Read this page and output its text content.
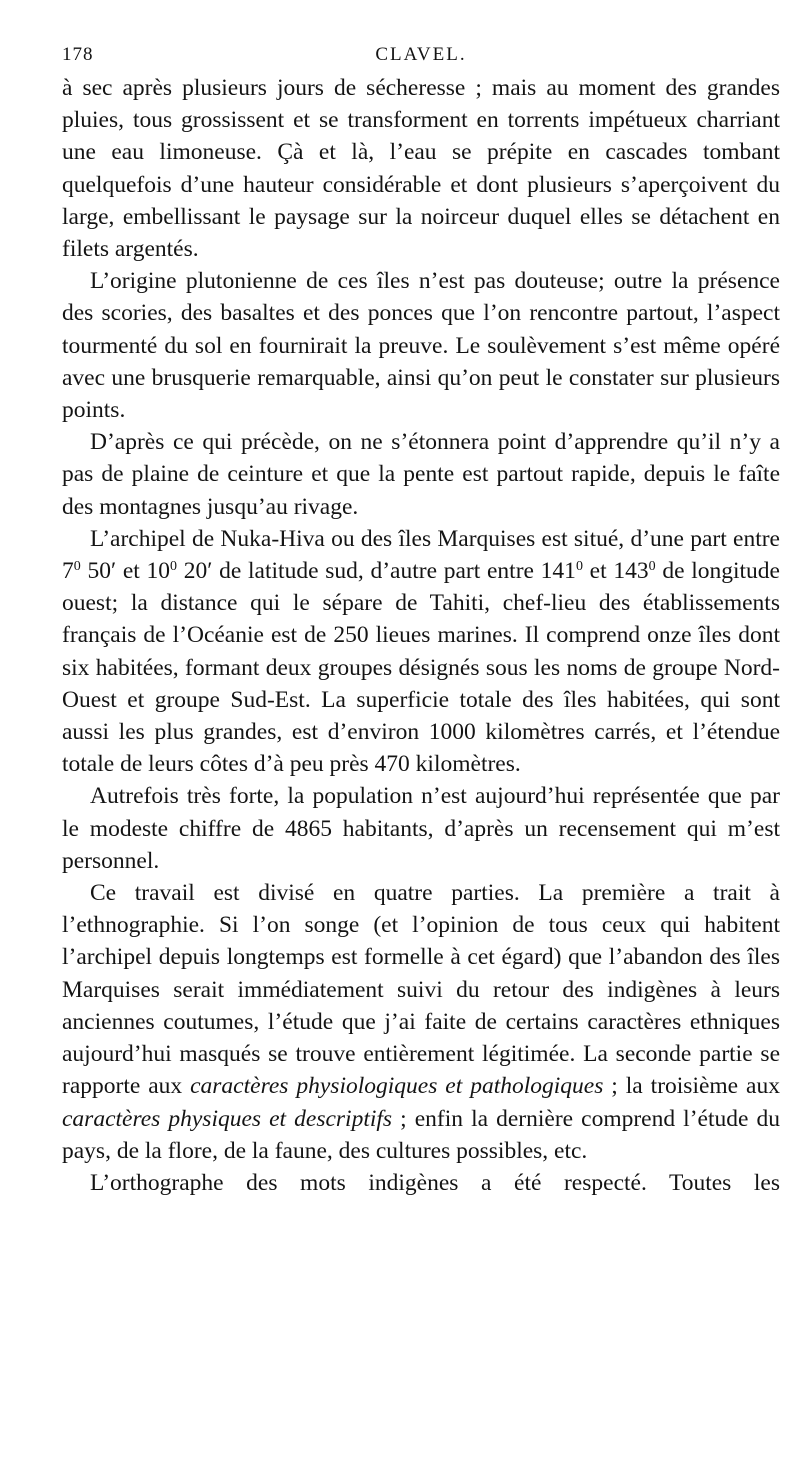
178	CLAVEL.

à sec après plusieurs jours de sécheresse ; mais au moment des grandes pluies, tous grossissent et se transforment en torrents impétueux charriant une eau limoneuse. Çà et là, l’eau se prépite en cascades tombant quelquefois d’une hauteur considérable et dont plusieurs s’aperçoivent du large, embellissant le paysage sur la noirceur duquel elles se détachent en filets argentés.

L’origine plutonienne de ces îles n’est pas douteuse; outre la présence des scories, des basaltes et des ponces que l’on rencontre partout, l’aspect tourmenté du sol en fournirait la preuve. Le soulèvement s’est même opéré avec une brusquerie remarquable, ainsi qu’on peut le constater sur plusieurs points.

D’après ce qui précède, on ne s’étonnera point d’apprendre qu’il n’y a pas de plaine de ceinture et que la pente est partout rapide, depuis le faîte des montagnes jusqu’au rivage.

L’archipel de Nuka-Hiva ou des îles Marquises est situé, d’une part entre $7^0$ 50′ et $10^0$ 20′ de latitude sud, d’autre part entre $141^0$ et $143^0$ de longitude ouest; la distance qui le sépare de Tahiti, chef-lieu des établissements français de l’Océanie est de 250 lieues marines. Il comprend onze îles dont six habitées, formant deux groupes désignés sous les noms de groupe Nord-Ouest et groupe Sud-Est. La superficie totale des îles habitées, qui sont aussi les plus grandes, est d’environ 1000 kilomètres carrés, et l’étendue totale de leurs côtes d’à peu près 470 kilomètres.

Autrefois très forte, la population n’est aujourd’hui représentée que par le modeste chiffre de 4865 habitants, d’après un recensement qui m’est personnel.

Ce travail est divisé en quatre parties. La première a trait à l’ethnographie. Si l’on songe (et l’opinion de tous ceux qui habitent l’archipel depuis longtemps est formelle à cet égard) que l’abandon des îles Marquises serait immédiatement suivi du retour des indigènes à leurs anciennes coutumes, l’étude que j’ai faite de certains caractères ethniques aujourd’hui masqués se trouve entièrement légitimée. La seconde partie se rapporte aux caractères physiologiques et pathologiques ; la troisième aux caractères physiques et descriptifs ; enfin la dernière comprend l’étude du pays, de la flore, de la faune, des cultures possibles, etc.

L’orthographe des mots indigènes a été respecté. Toutes les
